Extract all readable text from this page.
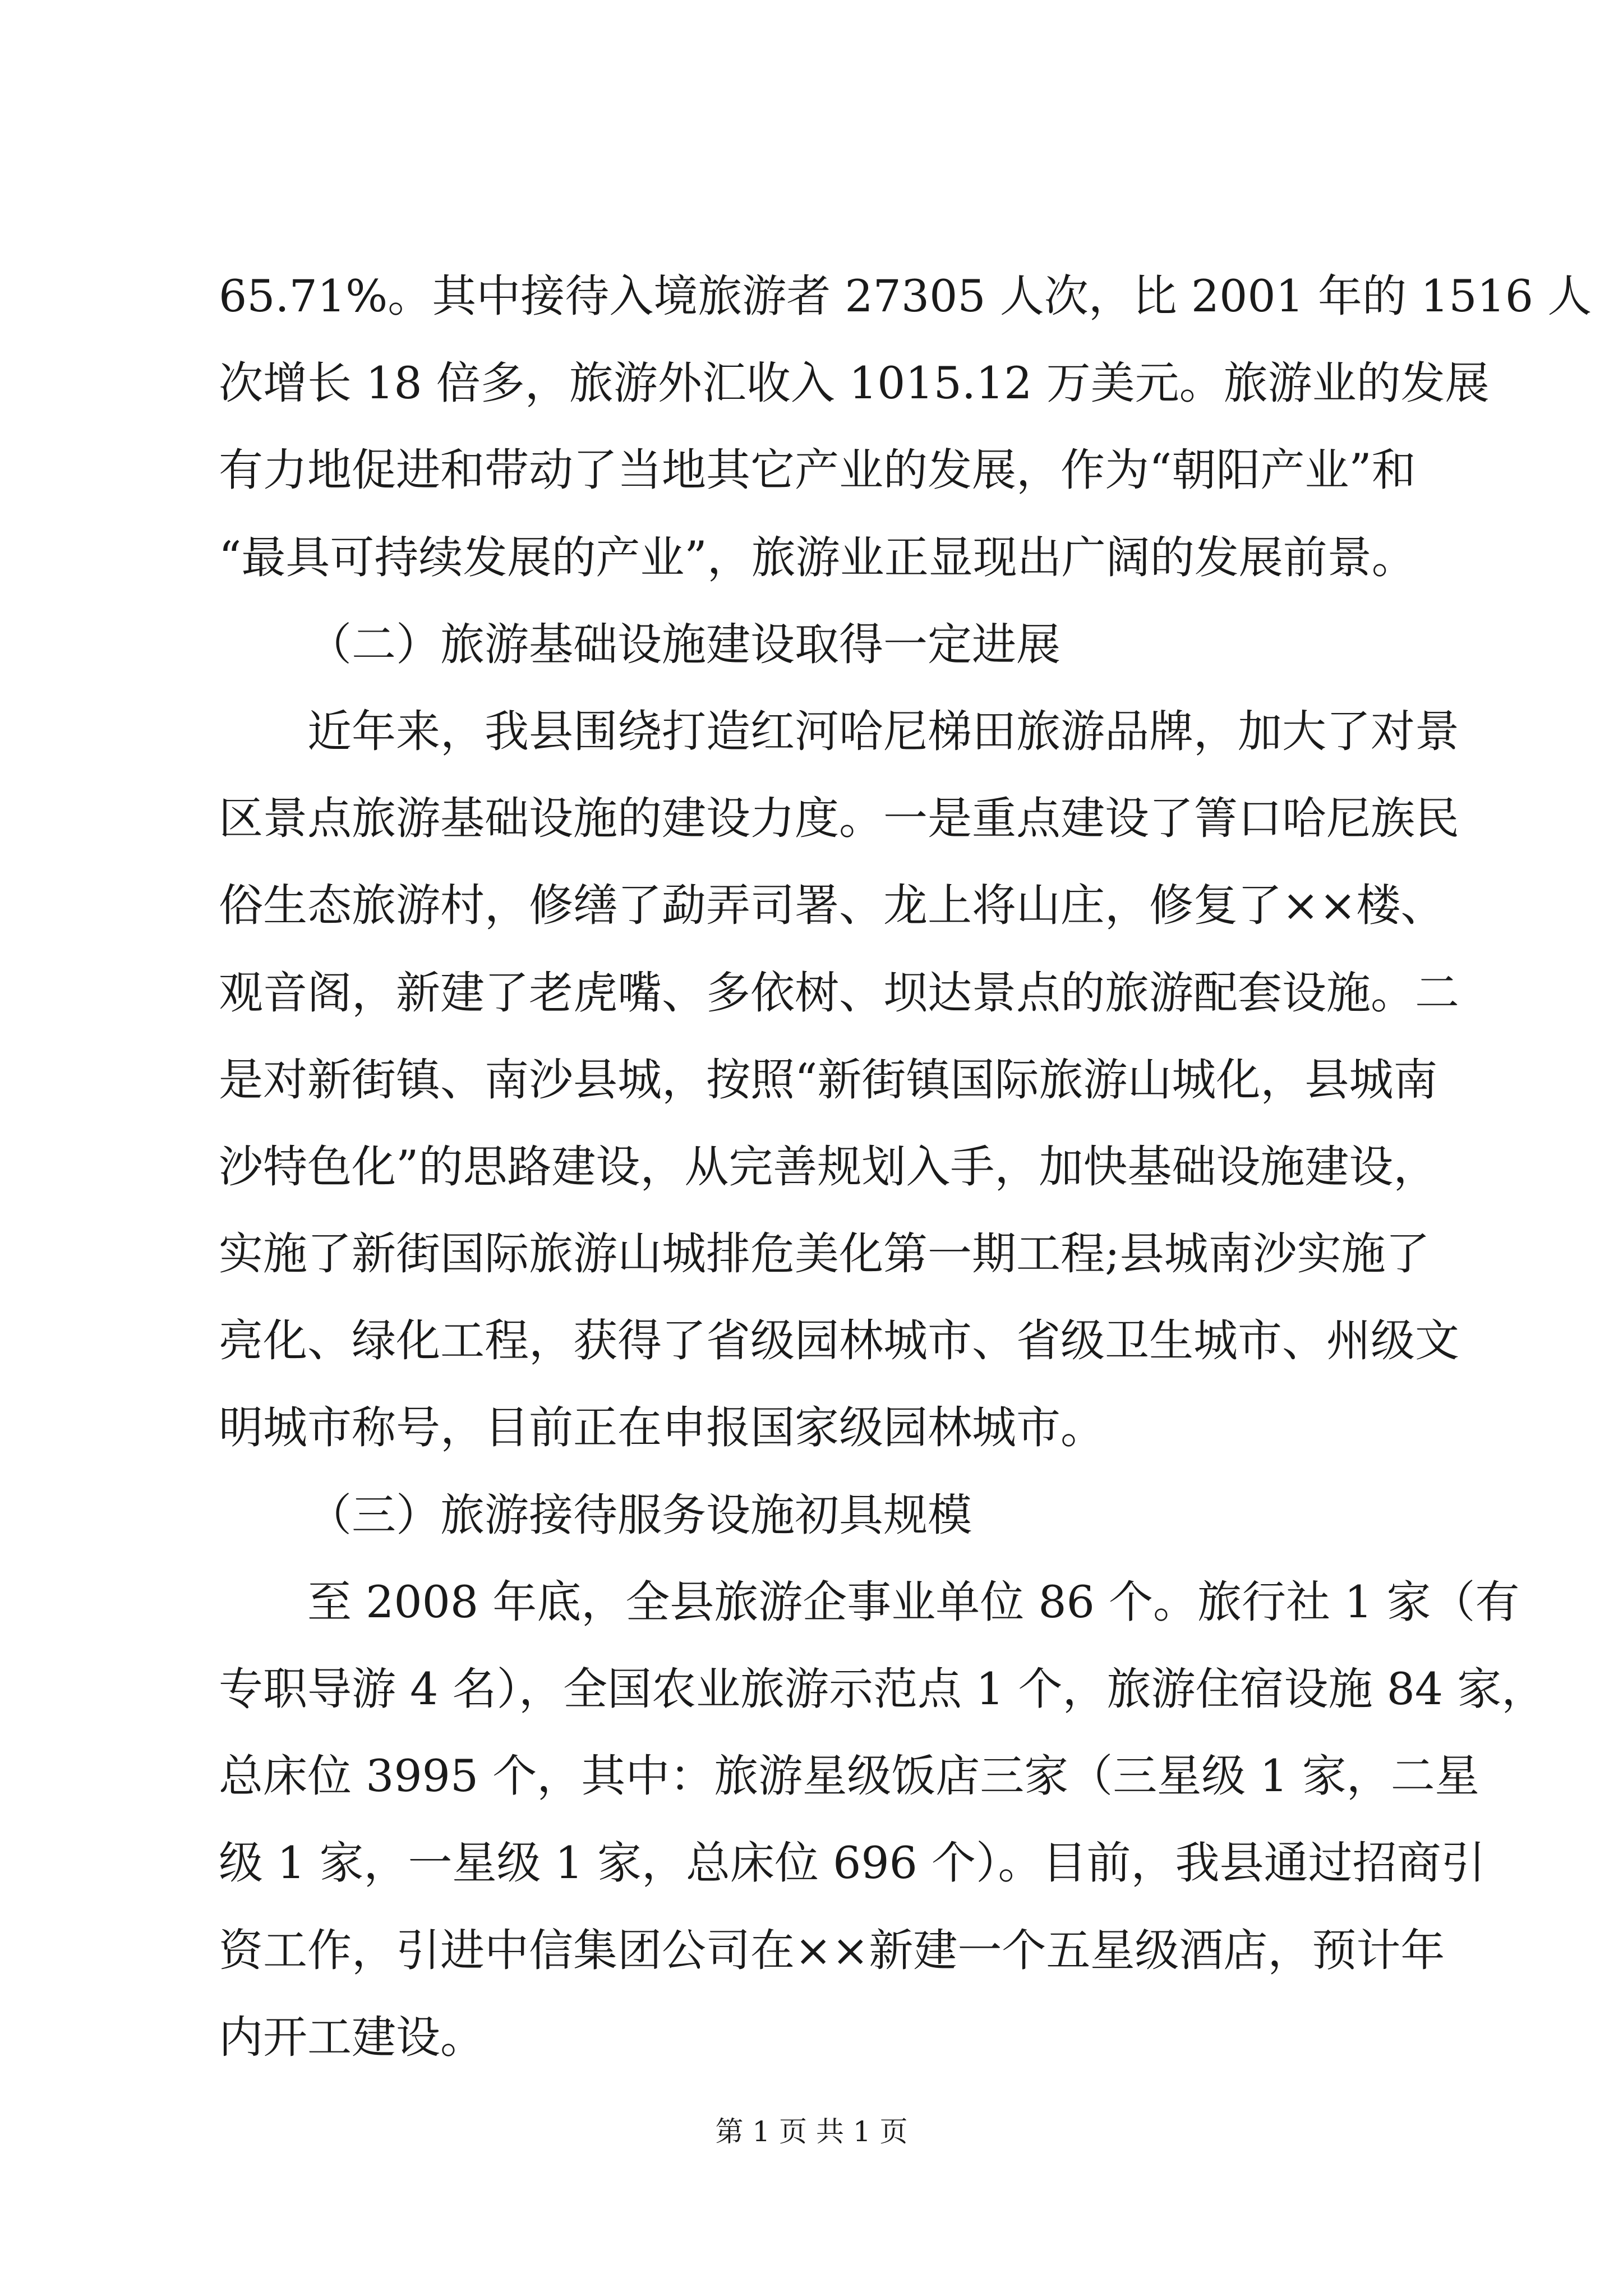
65.71%。其中接待入境旅游者 27305 人次，比 2001 年的 1516 人
次增长 18 倍多，旅游外汇收入 1015.12 万美元。旅游业的发展
有力地促进和带动了当地其它产业的发展，作为“朝阳产业”和
“最具可持续发展的产业”，旅游业正显现出广阔的发展前景。
（二）旅游基础设施建设取得一定进展
近年来，我县围绕打造红河哈尼梯田旅游品牌，加大了对景
区景点旅游基础设施的建设力度。一是重点建设了箐口哈尼族民
俗生态旅游村，修缮了勐弄司署、龙上将山庄，修复了××楼、
观音阁，新建了老虎嘴、多依树、坝达景点的旅游配套设施。二
是对新街镇、南沙县城，按照“新街镇国际旅游山城化，县城南
沙特色化”的思路建设，从完善规划入手，加快基础设施建设，
实施了新街国际旅游山城排危美化第一期工程;县城南沙实施了
亮化、绿化工程，获得了省级园林城市、省级卫生城市、州级文
明城市称号，目前正在申报国家级园林城市。
（三）旅游接待服务设施初具规模
至 2008 年底，全县旅游企事业单位 86 个。旅行社 1 家（有
专职导游 4 名），全国农业旅游示范点 1 个，旅游住宿设施 84 家，
总床位 3995 个，其中：旅游星级饭店三家（三星级 1 家，二星
级 1 家，一星级 1 家，总床位 696 个）。目前，我县通过招商引
资工作，引进中信集团公司在××新建一个五星级酒店，预计年
内开工建设。
第 1 页 共 1 页
